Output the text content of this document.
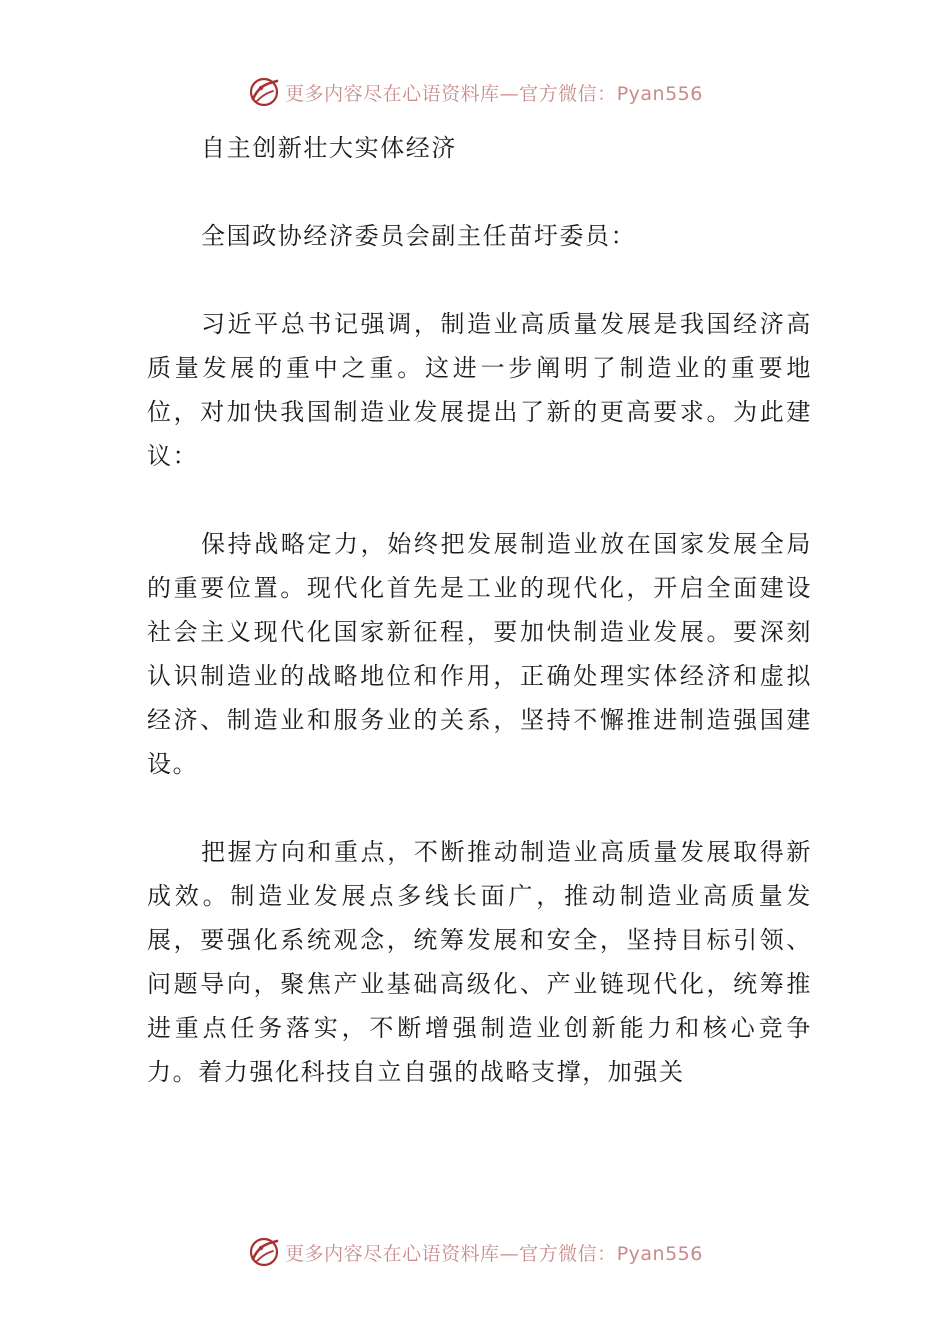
更多内容尽在心语资料库—官方微信：Pyan556

自主创新壮大实体经济

全国政协经济委员会副主任苗圩委员：

习近平总书记强调，制造业高质量发展是我国经济高质量发展的重中之重。这进一步阐明了制造业的重要地位，对加快我国制造业发展提出了新的更高要求。为此建议：

保持战略定力，始终把发展制造业放在国家发展全局的重要位置。现代化首先是工业的现代化，开启全面建设社会主义现代化国家新征程，要加快制造业发展。要深刻认识制造业的战略地位和作用，正确处理实体经济和虚拟经济、制造业和服务业的关系，坚持不懈推进制造强国建设。

把握方向和重点，不断推动制造业高质量发展取得新成效。制造业发展点多线长面广，推动制造业高质量发展，要强化系统观念，统筹发展和安全，坚持目标引领、问题导向，聚焦产业基础高级化、产业链现代化，统筹推进重点任务落实，不断增强制造业创新能力和核心竞争力。着力强化科技自立自强的战略支撑，加强关

更多内容尽在心语资料库—官方微信：Pyan556
